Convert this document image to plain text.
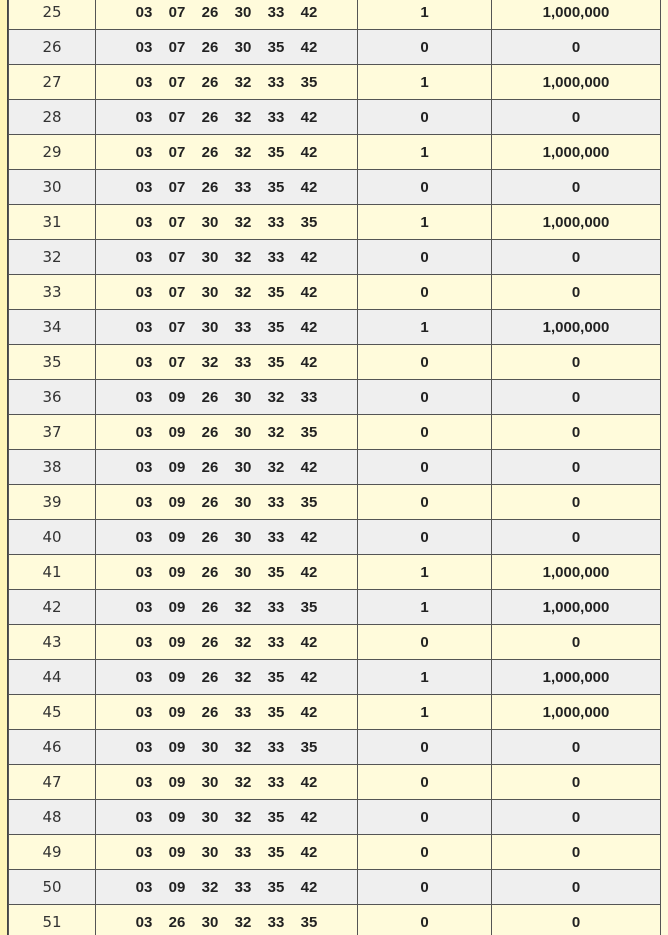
25	03 07 26 30 33 42	1	1,000,000
26	03 07 26 30 35 42	0	0
27	03 07 26 32 33 35	1	1,000,000
28	03 07 26 32 33 42	0	0
29	03 07 26 32 35 42	1	1,000,000
30	03 07 26 33 35 42	0	0
31	03 07 30 32 33 35	1	1,000,000
32	03 07 30 32 33 42	0	0
33	03 07 30 32 35 42	0	0
34	03 07 30 33 35 42	1	1,000,000
35	03 07 32 33 35 42	0	0
36	03 09 26 30 32 33	0	0
37	03 09 26 30 32 35	0	0
38	03 09 26 30 32 42	0	0
39	03 09 26 30 33 35	0	0
40	03 09 26 30 33 42	0	0
41	03 09 26 30 35 42	1	1,000,000
42	03 09 26 32 33 35	1	1,000,000
43	03 09 26 32 33 42	0	0
44	03 09 26 32 35 42	1	1,000,000
45	03 09 26 33 35 42	1	1,000,000
46	03 09 30 32 33 35	0	0
47	03 09 30 32 33 42	0	0
48	03 09 30 32 35 42	0	0
49	03 09 30 33 35 42	0	0
50	03 09 32 33 35 42	0	0
51	03 26 30 32 33 35	0	0
